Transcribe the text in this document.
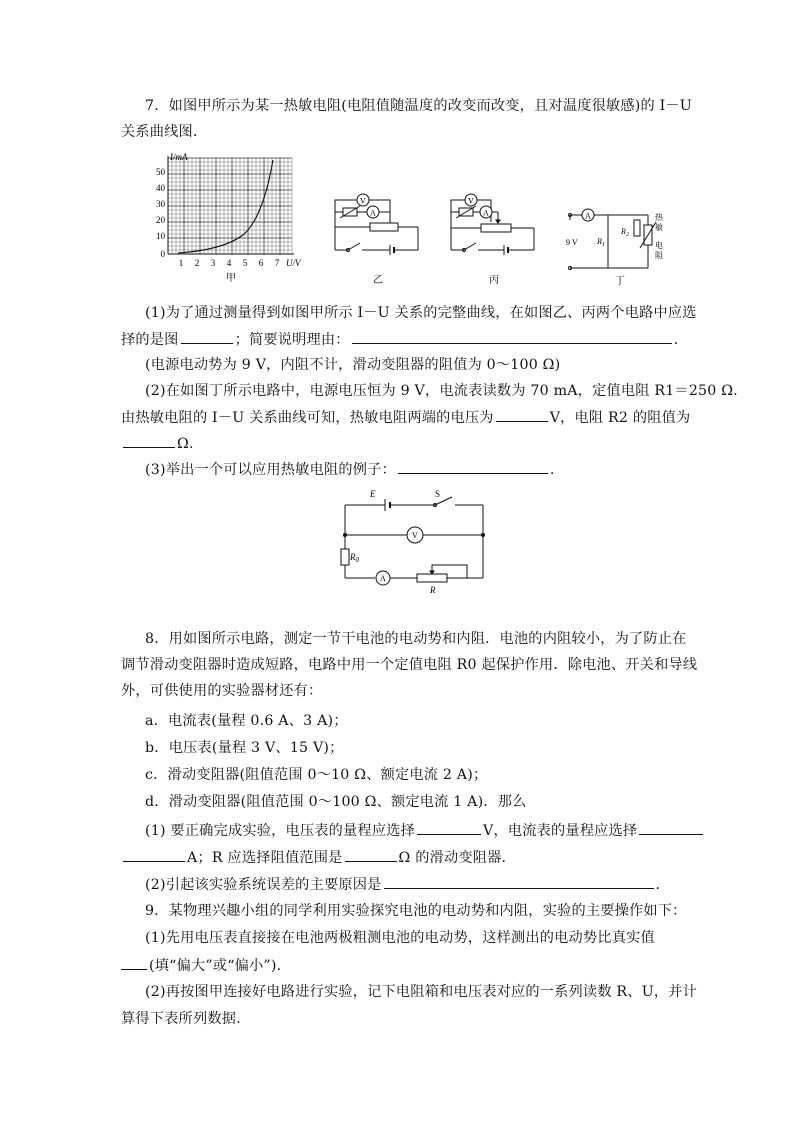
7．如图甲所示为某一热敏电阻(电阻值随温度的改变而改变，且对温度很敏感)的 I－U
关系曲线图．
I/mA
50
40
30
20
10
0
1 2 3 4 5 6 7 U/V
甲
V
A
乙
V
A
丙
A
9 V $R_1$
$R_2$
热
敏
电
阻
丁
(1)为了通过测量得到如图甲所示 I－U 关系的完整曲线，在如图乙、丙两个电路中应选
择的是图	；简要说明理由：	.
(电源电动势为 9 V，内阻不计，滑动变阻器的阻值为 0～100 Ω)
(2)在如图丁所示电路中，电源电压恒为 9 V，电流表读数为 70 mA，定值电阻 R1＝250 Ω.
由热敏电阻的 I－U 关系曲线可知，热敏电阻两端的电压为	V，电阻 R2 的阻值为
Ω.
(3)举出一个可以应用热敏电阻的例子：	.
V
A
E	S
$R_0$
R
8．用如图所示电路，测定一节干电池的电动势和内阻．电池的内阻较小，为了防止在
调节滑动变阻器时造成短路，电路中用一个定值电阻 R0 起保护作用．除电池、开关和导线
外，可供使用的实验器材还有：
a．电流表(量程 0.6 A、3 A)；
b．电压表(量程 3 V、15 V)；
c．滑动变阻器(阻值范围 0～10 Ω、额定电流 2 A)；
d．滑动变阻器(阻值范围 0～100 Ω、额定电流 1 A)．那么
(1) 要正确完成实验，电压表的量程应选择	V，电流表的量程应选择
A；R 应选择阻值范围是	Ω 的滑动变阻器．
(2)引起该实验系统误差的主要原因是	．
9．某物理兴趣小组的同学利用实验探究电池的电动势和内阻，实验的主要操作如下：
(1)先用电压表直接接在电池两极粗测电池的电动势，这样测出的电动势比真实值
(填“偏大”或“偏小”)．
(2)再按图甲连接好电路进行实验，记下电阻箱和电压表对应的一系列读数 R、U，并计
算得下表所列数据.
